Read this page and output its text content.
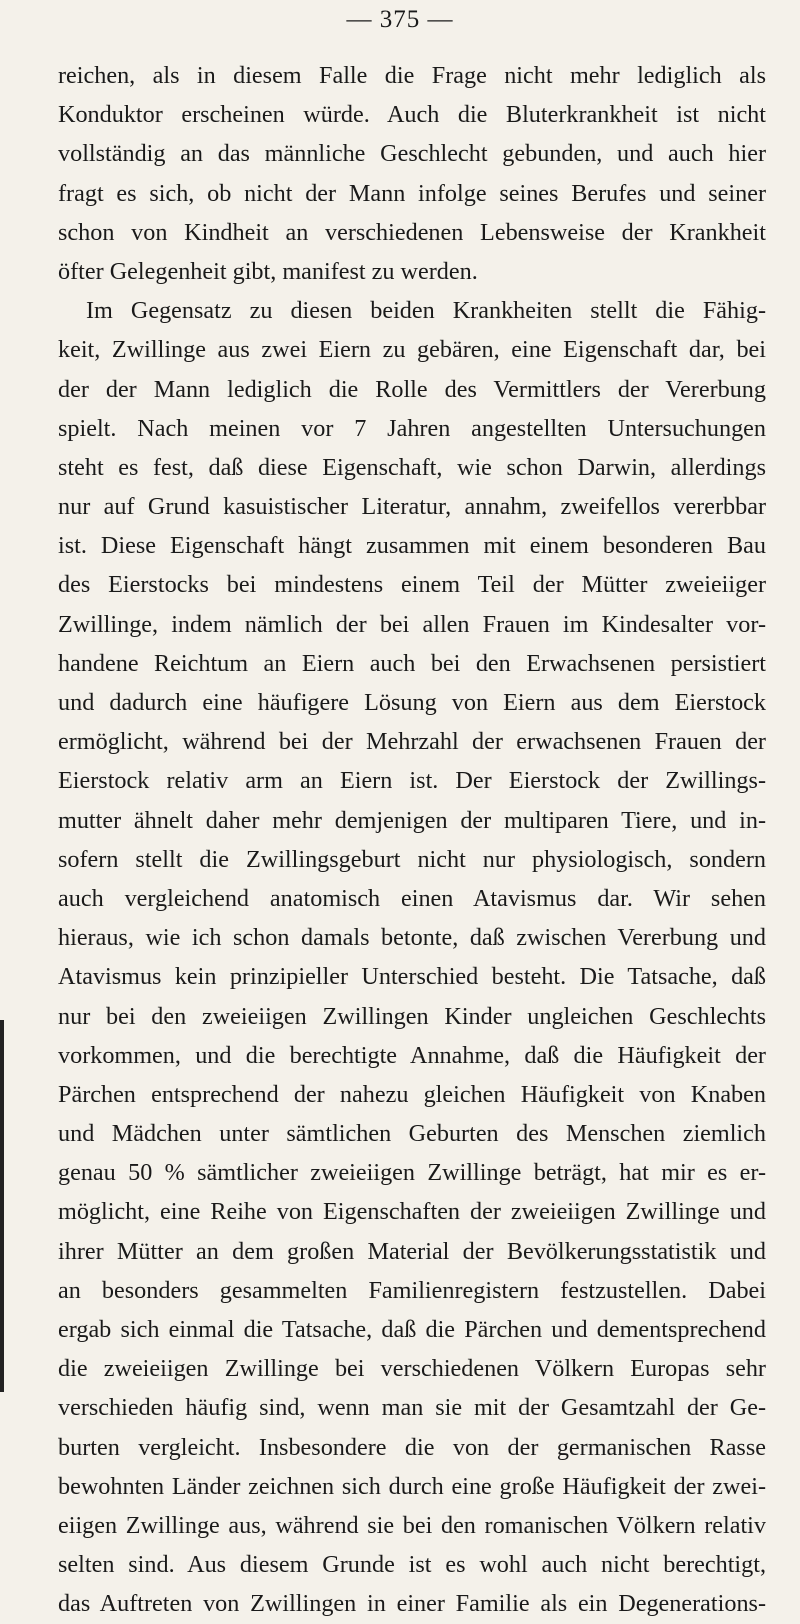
— 375 —
reichen, als in diesem Falle die Frage nicht mehr lediglich als
Konduktor erscheinen würde. Auch die Bluterkrankheit ist nicht
vollständig an das männliche Geschlecht gebunden, und auch hier
fragt es sich, ob nicht der Mann infolge seines Berufes und seiner
schon von Kindheit an verschiedenen Lebensweise der Krankheit
öfter Gelegenheit gibt, manifest zu werden.
Im Gegensatz zu diesen beiden Krankheiten stellt die Fähig-
keit, Zwillinge aus zwei Eiern zu gebären, eine Eigenschaft dar, bei
der der Mann lediglich die Rolle des Vermittlers der Vererbung
spielt. Nach meinen vor 7 Jahren angestellten Untersuchungen
steht es fest, daß diese Eigenschaft, wie schon Darwin, allerdings
nur auf Grund kasuistischer Literatur, annahm, zweifellos vererbbar
ist. Diese Eigenschaft hängt zusammen mit einem besonderen Bau
des Eierstocks bei mindestens einem Teil der Mütter zweieiiger
Zwillinge, indem nämlich der bei allen Frauen im Kindesalter vor-
handene Reichtum an Eiern auch bei den Erwachsenen persistiert
und dadurch eine häufigere Lösung von Eiern aus dem Eierstock
ermöglicht, während bei der Mehrzahl der erwachsenen Frauen der
Eierstock relativ arm an Eiern ist. Der Eierstock der Zwillings-
mutter ähnelt daher mehr demjenigen der multiparen Tiere, und in-
sofern stellt die Zwillingsgeburt nicht nur physiologisch, sondern
auch vergleichend anatomisch einen Atavismus dar. Wir sehen
hieraus, wie ich schon damals betonte, daß zwischen Vererbung und
Atavismus kein prinzipieller Unterschied besteht. Die Tatsache, daß
nur bei den zweieiigen Zwillingen Kinder ungleichen Geschlechts
vorkommen, und die berechtigte Annahme, daß die Häufigkeit der
Pärchen entsprechend der nahezu gleichen Häufigkeit von Knaben
und Mädchen unter sämtlichen Geburten des Menschen ziemlich
genau 50 % sämtlicher zweieiigen Zwillinge beträgt, hat mir es er-
möglicht, eine Reihe von Eigenschaften der zweieiigen Zwillinge und
ihrer Mütter an dem großen Material der Bevölkerungsstatistik und
an besonders gesammelten Familienregistern festzustellen. Dabei
ergab sich einmal die Tatsache, daß die Pärchen und dementsprechend
die zweieiigen Zwillinge bei verschiedenen Völkern Europas sehr
verschieden häufig sind, wenn man sie mit der Gesamtzahl der Ge-
burten vergleicht. Insbesondere die von der germanischen Rasse
bewohnten Länder zeichnen sich durch eine große Häufigkeit der zwei-
eiigen Zwillinge aus, während sie bei den romanischen Völkern relativ
selten sind. Aus diesem Grunde ist es wohl auch nicht berechtigt,
das Auftreten von Zwillingen in einer Familie als ein Degenerations-
